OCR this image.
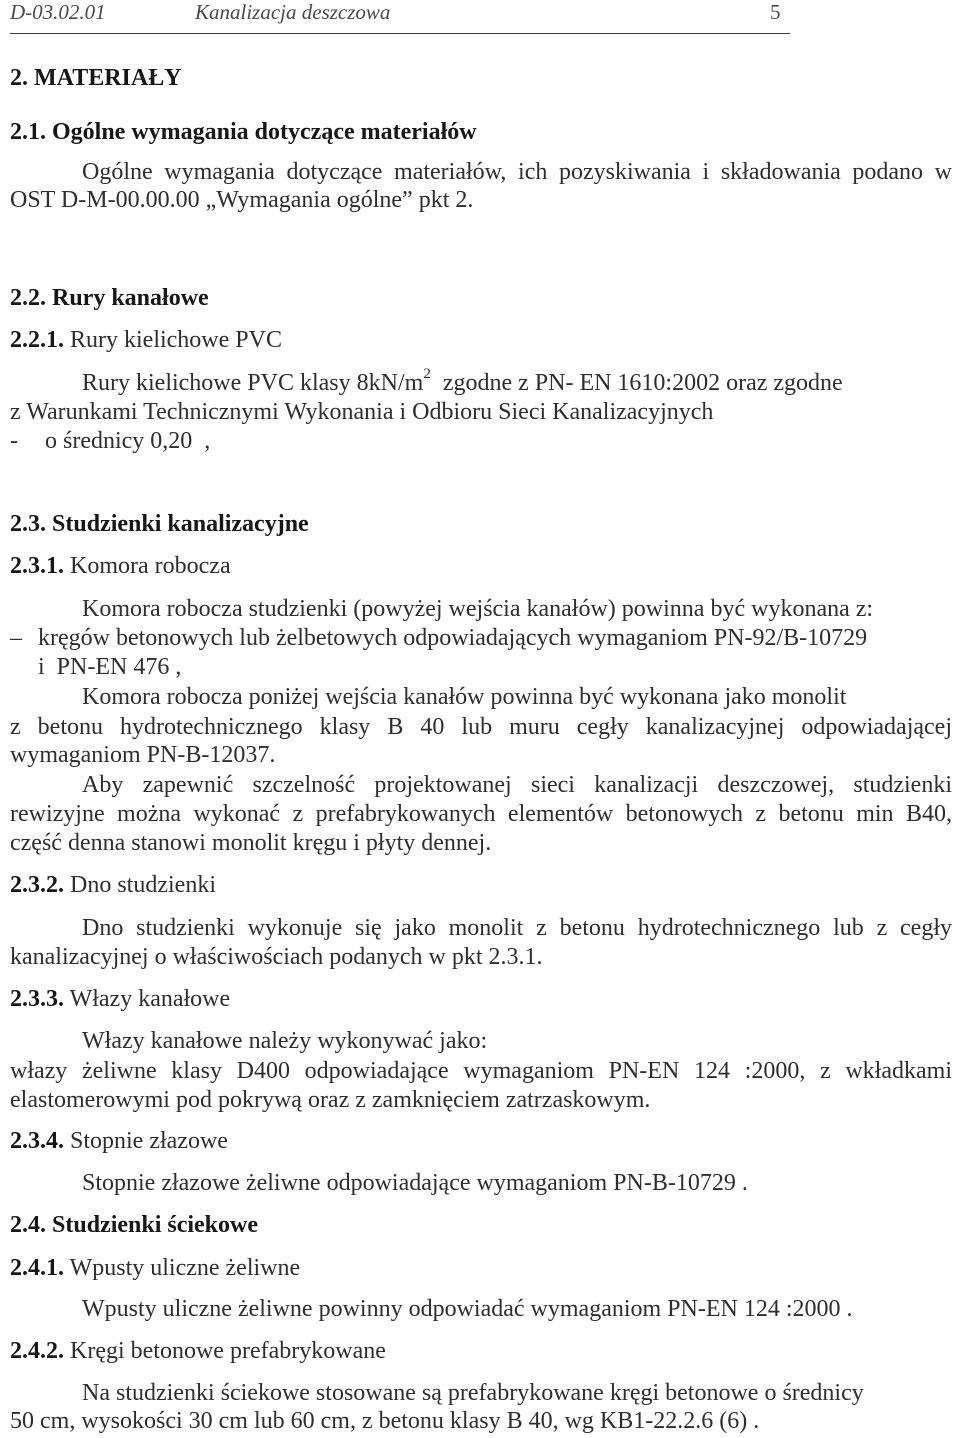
D-03.02.01	Kanalizacja deszczowa	5
2. MATERIAŁY
2.1. Ogólne wymagania dotyczące materiałów
Ogólne wymagania dotyczące materiałów, ich pozyskiwania i składowania podano w
OST D-M-00.00.00 „Wymagania ogólne” pkt 2.
2.2. Rury kanałowe
2.2.1. Rury kielichowe PVC
Rury kielichowe PVC klasy $8kN/m^2$ zgodne z PN- EN 1610:2002 oraz zgodne
z Warunkami Technicznymi Wykonania i Odbioru Sieci Kanalizacyjnych
- o średnicy 0,20  ,
2.3. Studzienki kanalizacyjne
2.3.1. Komora robocza
Komora robocza studzienki (powyżej wejścia kanałów) powinna być wykonana z:
– kręgów betonowych lub żelbetowych odpowiadających wymaganiom PN-92/B-10729
i  PN-EN 476 ,
Komora robocza poniżej wejścia kanałów powinna być wykonana jako monolit
z betonu hydrotechnicznego klasy B 40 lub muru cegły kanalizacyjnej odpowiadającej
wymaganiom PN-B-12037.
Aby zapewnić szczelność projektowanej sieci kanalizacji deszczowej, studzienki
rewizyjne można wykonać z prefabrykowanych elementów betonowych z betonu min B40,
część denna stanowi monolit kręgu i płyty dennej.
2.3.2. Dno studzienki
Dno studzienki wykonuje się jako monolit z betonu hydrotechnicznego lub z cegły
kanalizacyjnej o właściwościach podanych w pkt 2.3.1.
2.3.3. Włazy kanałowe
Włazy kanałowe należy wykonywać jako:
włazy żeliwne klasy D400 odpowiadające wymaganiom PN-EN 124 :2000, z wkładkami
elastomerowymi pod pokrywą oraz z zamknięciem zatrzaskowym.
2.3.4. Stopnie złazowe
Stopnie złazowe żeliwne odpowiadające wymaganiom PN-B-10729 .
2.4. Studzienki ściekowe
2.4.1. Wpusty uliczne żeliwne
Wpusty uliczne żeliwne powinny odpowiadać wymaganiom PN-EN 124 :2000 .
2.4.2. Kręgi betonowe prefabrykowane
Na studzienki ściekowe stosowane są prefabrykowane kręgi betonowe o średnicy
50 cm, wysokości 30 cm lub 60 cm, z betonu klasy B 40, wg KB1-22.2.6 (6) .
